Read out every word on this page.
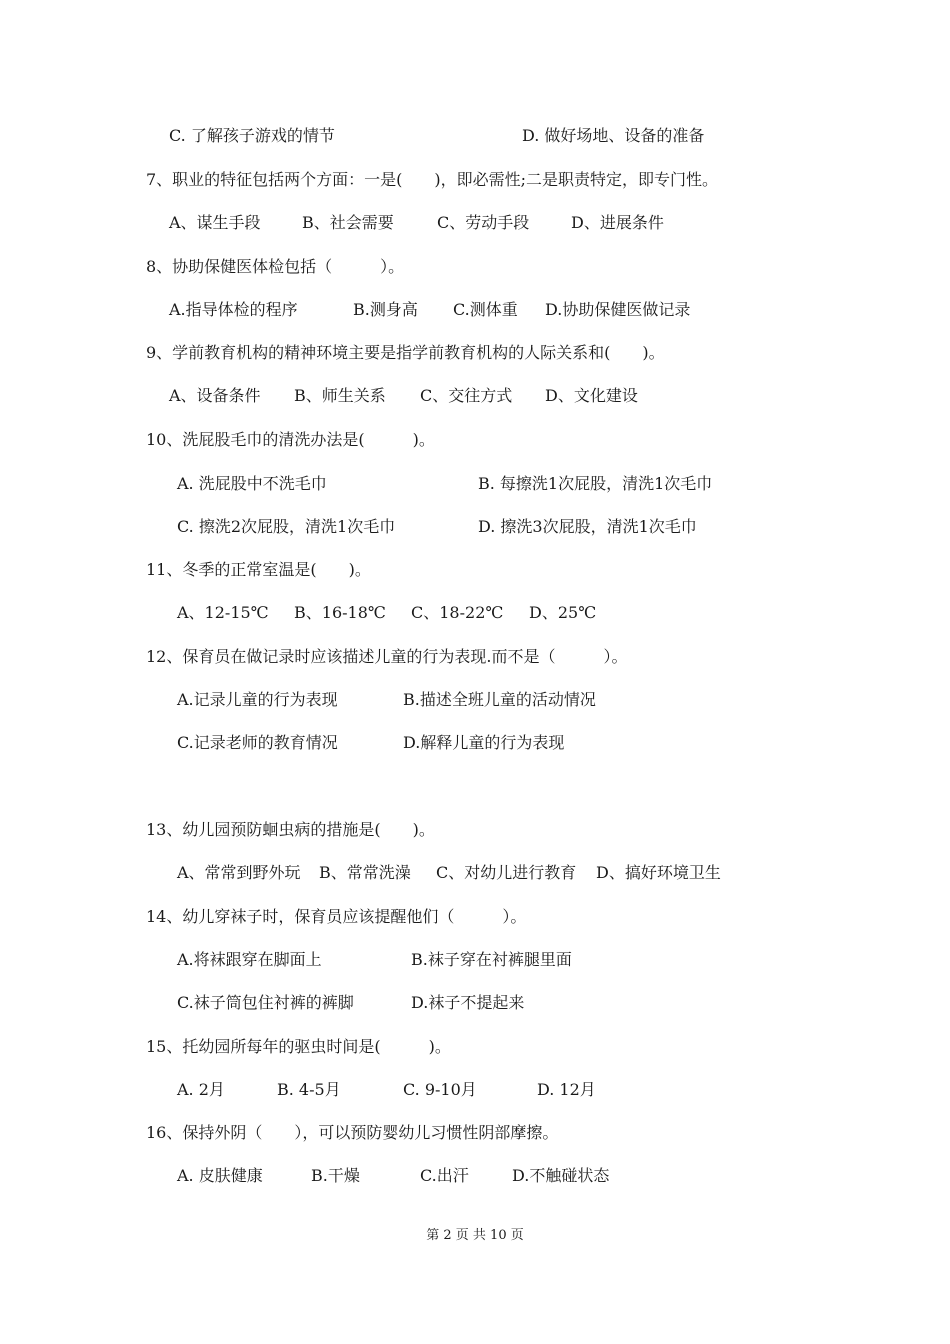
C. 了解孩子游戏的情节	D. 做好场地、设备的准备
7、职业的特征包括两个方面：一是(　　)，即必需性;二是职责特定，即专门性。
A、谋生手段	B、社会需要	C、劳动手段	D、进展条件
8、协助保健医体检包括（　　　）。
A.指导体检的程序	B.测身高 C.测体重 D.协助保健医做记录
9、学前教育机构的精神环境主要是指学前教育机构的人际关系和(　　)。
A、设备条件 B、师生关系 C、交往方式 D、文化建设
10、洗屁股毛巾的清洗办法是(　　　)。
A. 洗屁股中不洗毛巾	B. 每擦洗1次屁股，清洗1次毛巾
C. 擦洗2次屁股，清洗1次毛巾	D. 擦洗3次屁股，清洗1次毛巾
11、冬季的正常室温是(　　)。
A、12-15℃ B、16-18℃ C、18-22℃ D、25℃
12、保育员在做记录时应该描述儿童的行为表现.而不是（　　　）。
A.记录儿童的行为表现	B.描述全班儿童的活动情况
C.记录老师的教育情况	D.解释儿童的行为表现
13、幼儿园预防蛔虫病的措施是(　　)。
A、常常到野外玩 B、常常洗澡 C、对幼儿进行教育 D、搞好环境卫生
14、幼儿穿袜子时，保育员应该提醒他们（　　　）。
A.将袜跟穿在脚面上	B.袜子穿在衬裤腿里面
C.袜子筒包住衬裤的裤脚	D.袜子不提起来
15、托幼园所每年的驱虫时间是(　　　)。
A. 2月	B. 4-5月	C. 9-10月	D. 12月
16、保持外阴（　　），可以预防婴幼儿习惯性阴部摩擦。
A. 皮肤健康	B.干燥	C.出汗	D.不触碰状态
第 2 页 共 10 页
